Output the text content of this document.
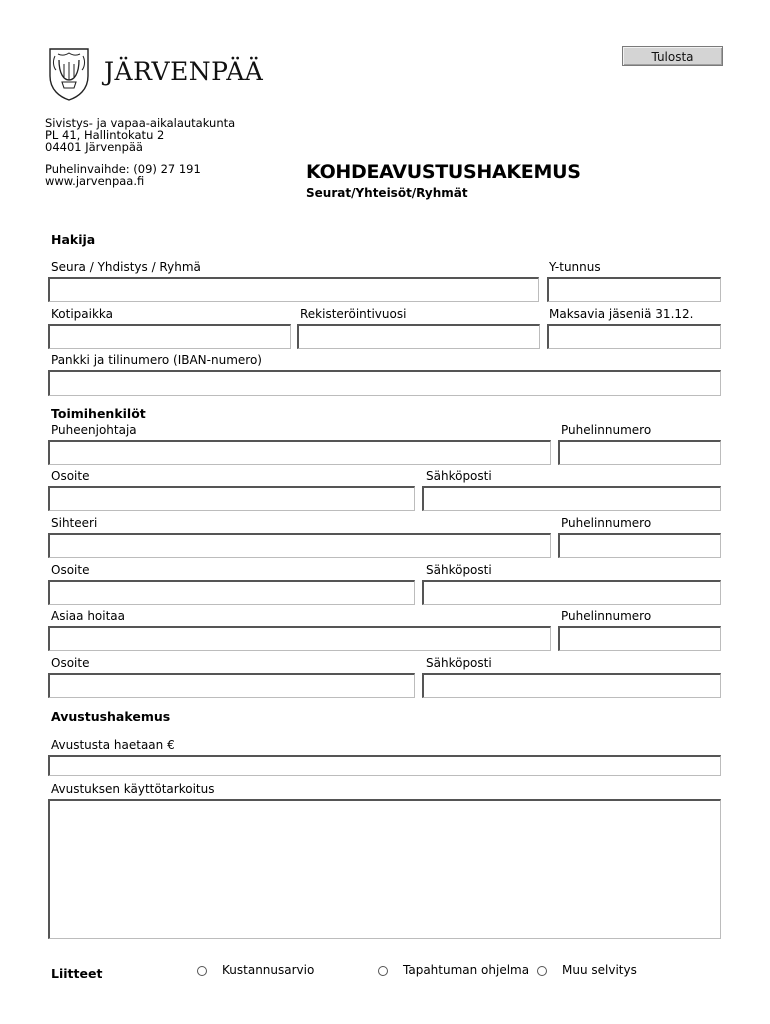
Tulosta
JÄRVENPÄÄ
Sivistys- ja vapaa-aikalautakunta
PL 41, Hallintokatu 2
04401 Järvenpää
Puhelinvaihde: (09) 27 191
www.jarvenpaa.fi	KOHDEAVUSTUSHAKEMUS
Seurat/Yhteisöt/Ryhmät
Hakija
Seura / Yhdistys / Ryhmä	Y-tunnus
Kotipaikka	Rekisteröintivuosi	Maksavia jäseniä 31.12.
Pankki ja tilinumero (IBAN-numero)
Toimihenkilöt
Puheenjohtaja	Puhelinnumero
Osoite	Sähköposti
Sihteeri	Puhelinnumero
Osoite	Sähköposti
Asiaa hoitaa	Puhelinnumero
Osoite	Sähköposti
Avustushakemus
Avustusta haetaan €
Avustuksen käyttötarkoitus
Liitteet	Kustannusarvio	Tapahtuman ohjelma	Muu selvitys
